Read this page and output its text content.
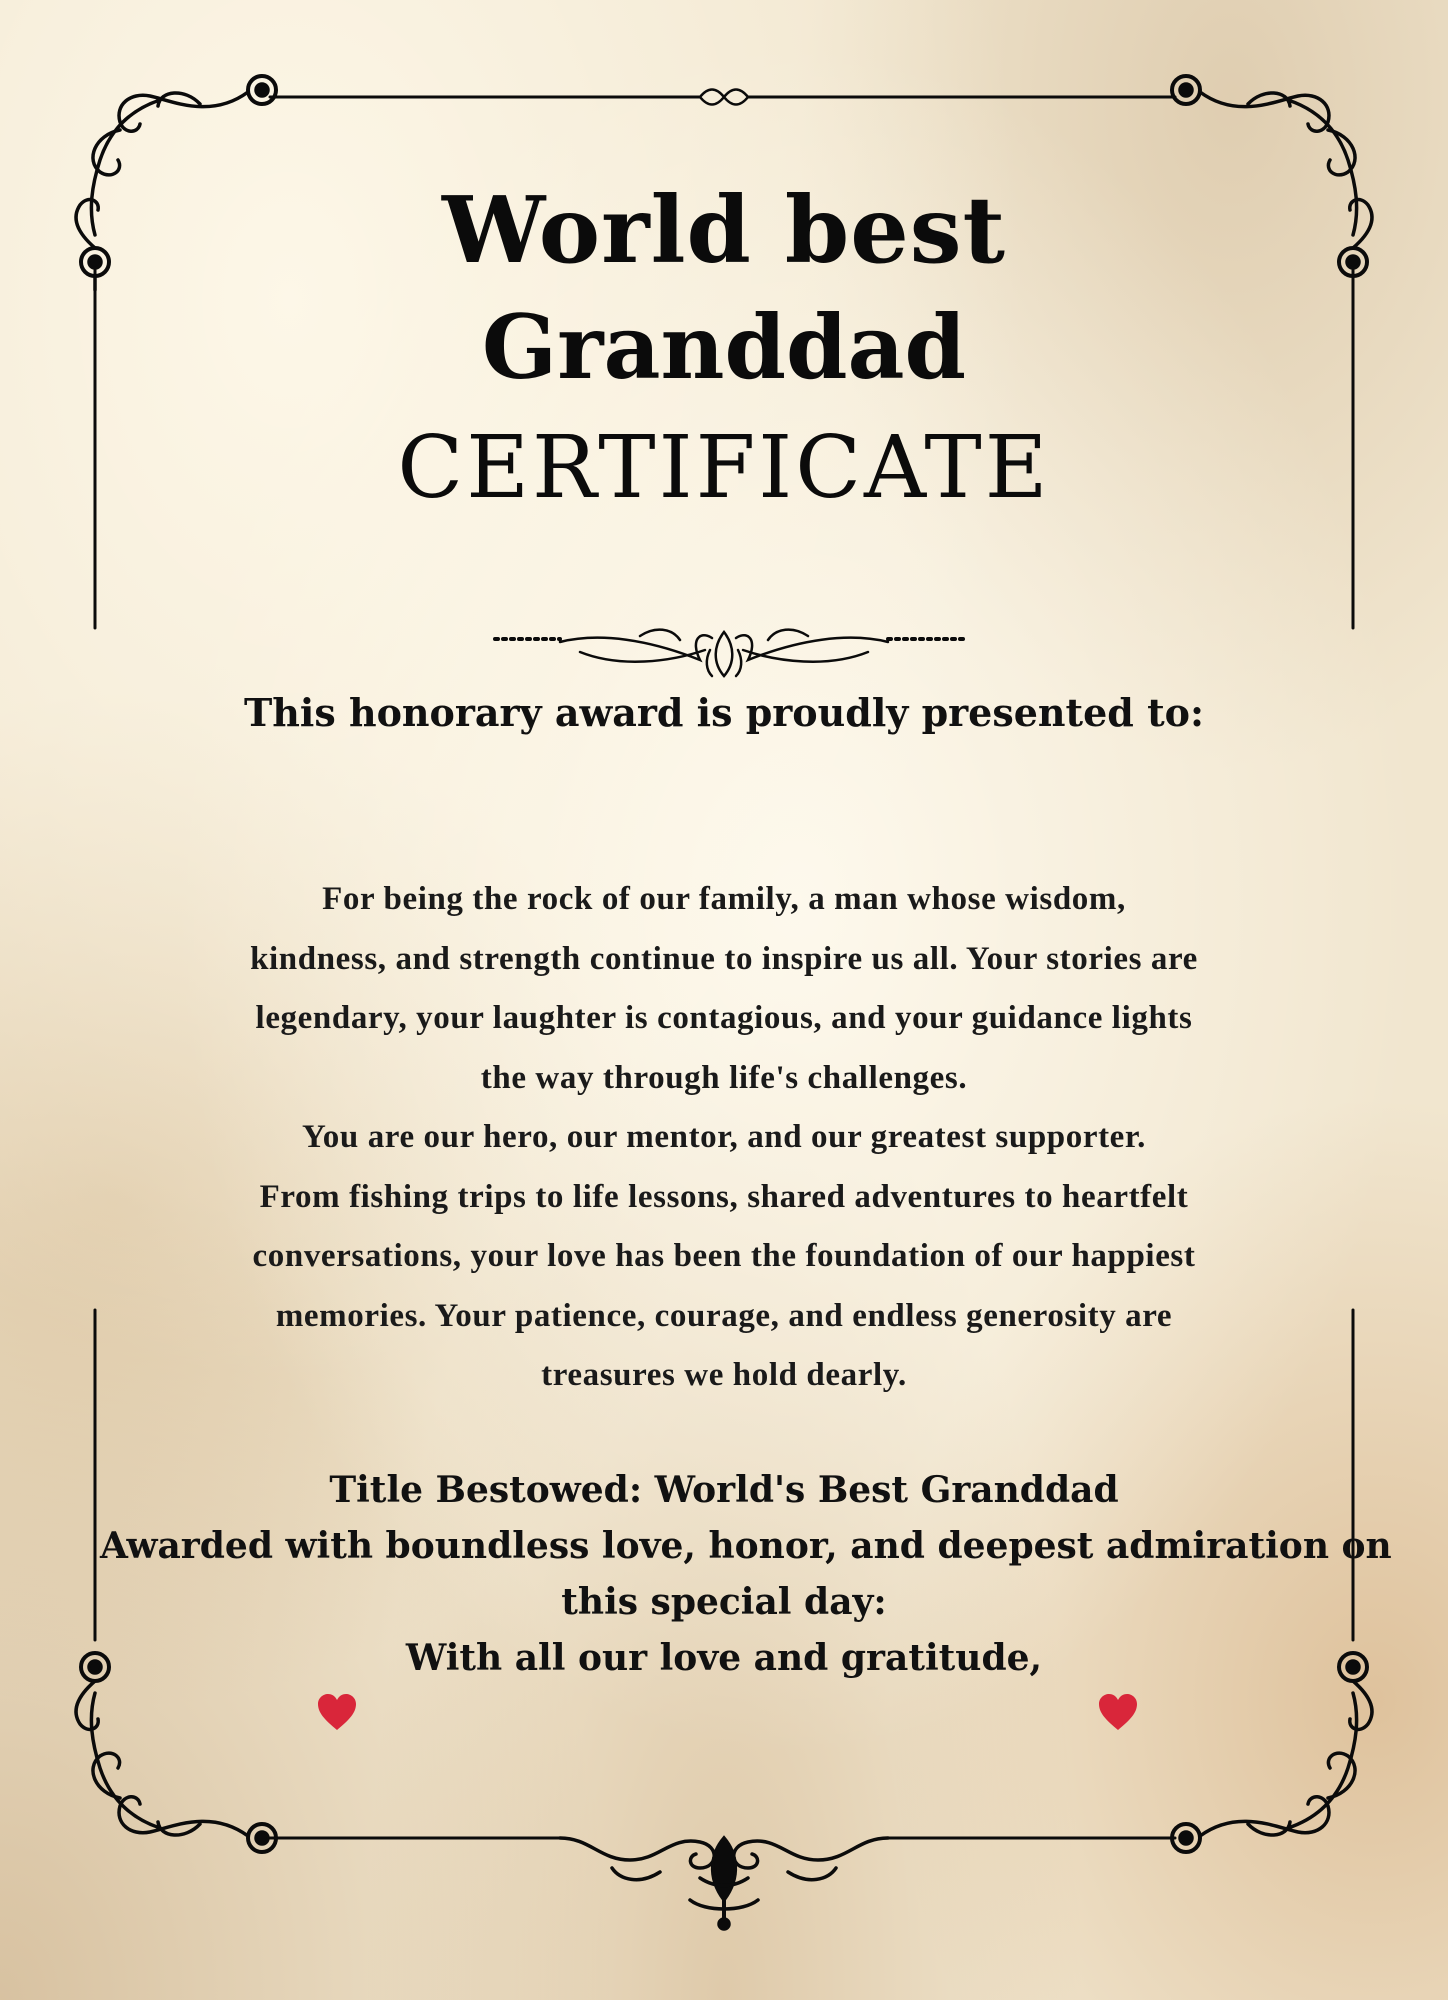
World best
Granddad
CERTIFICATE
This honorary award is proudly presented to:
For being the rock of our family, a man whose wisdom,
kindness, and strength continue to inspire us all. Your stories are
legendary, your laughter is contagious, and your guidance lights
the way through life's challenges.
You are our hero, our mentor, and our greatest supporter.
From fishing trips to life lessons, shared adventures to heartfelt
conversations, your love has been the foundation of our happiest
memories. Your patience, courage, and endless generosity are
treasures we hold dearly.
Title Bestowed: World's Best Granddad
Awarded with boundless love, honor, and deepest admiration on
this special day:
With all our love and gratitude,
